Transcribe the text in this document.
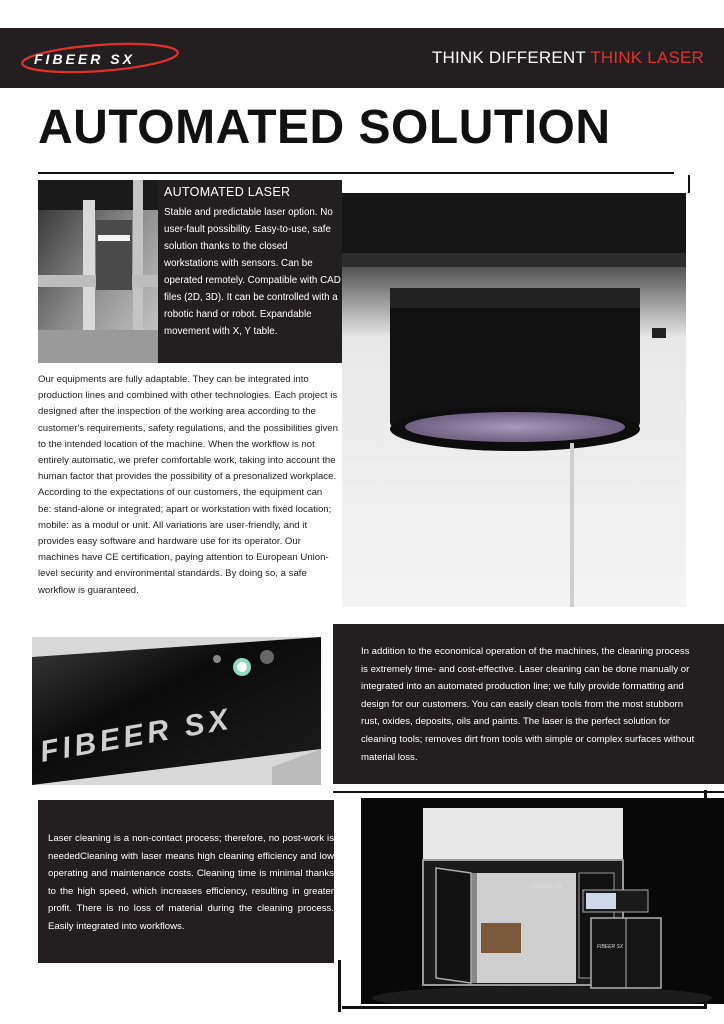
FIBEER SX	THINK DIFFERENT THINK LASER
AUTOMATED SOLUTION
AUTOMATED LASER
Stable and predictable laser option. No user-fault possibility. Easy-to-use, safe solution thanks to the closed workstations with sensors. Can be operated remotely. Compatible with CAD files (2D, 3D). It can be controlled with a robotic hand or robot. Expandable movement with X, Y table.
Our equipments are fully adaptable. They can be integrated into production lines and combined with other technologies. Each project is designed after the inspection of the working area according to the customer's requirements, safety regulations, and the possibilities given to the intended location of the machine. When the workflow is not entirely automatic, we prefer comfortable work, taking into account the human factor that provides the possibility of a presonalized workplace. According to the expectations of our customers, the equipment can be: stand-alone or integrated; apart or workstation with fixed location; mobile: as a modul or unit. All variations are user-friendly, and it provides easy software and hardware use for its operator. Our machines have CE certification, paying attention to European Union-level security and environmental standards. By doing so, a safe workflow is guaranteed.
FIBEER SX
In addition to the economical operation of the machines, the cleaning process is extremely time- and cost-effective. Laser cleaning can be done manually or integrated into an automated production line; we fully provide formatting and design for our customers. You can easily clean tools from the most stubborn rust, oxides, deposits, oils and paints. The laser is the perfect solution for cleaning tools; removes dirt from tools with simple or complex surfaces without material loss.
Laser cleaning is a non-contact process; therefore, no post-work is neededCleaning with laser means high cleaning efficiency and low operating and maintenance costs. Cleaning time is minimal thanks to the high speed, which increases efficiency, resulting in greater profit. There is no loss of material during the cleaning process. Easily integrated into workflows.
FIBEER SX
FIBEER SX
